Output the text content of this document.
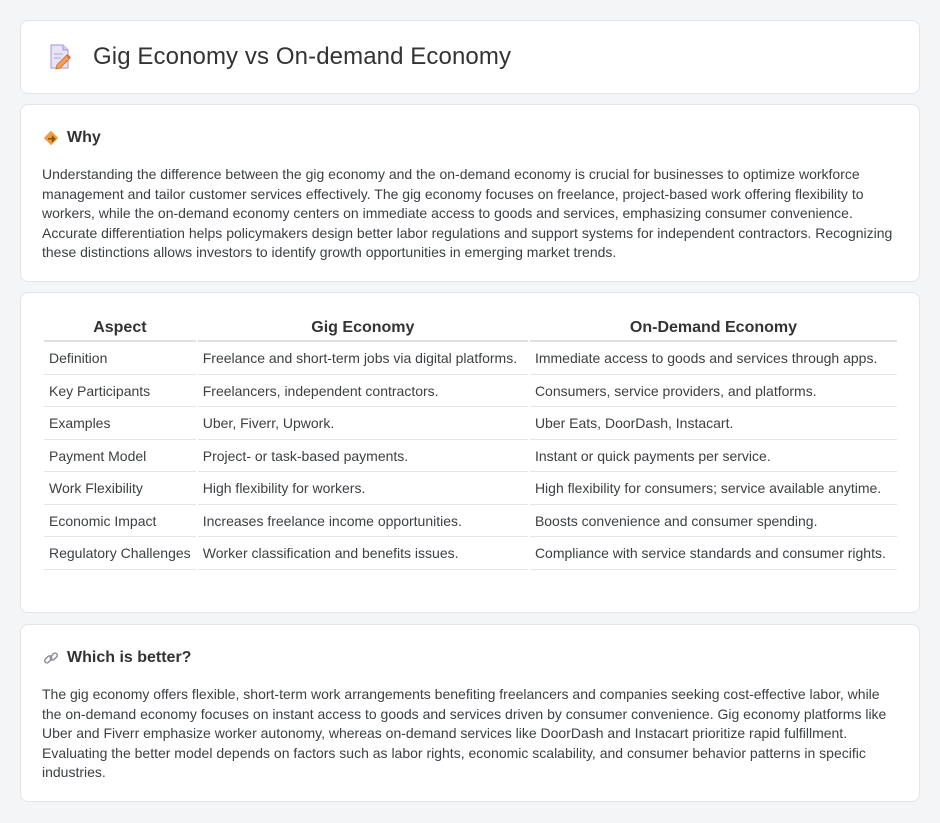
Gig Economy vs On-demand Economy
Why

Understanding the difference between the gig economy and the on-demand economy is crucial for businesses to optimize workforce management and tailor customer services effectively. The gig economy focuses on freelance, project-based work offering flexibility to workers, while the on-demand economy centers on immediate access to goods and services, emphasizing consumer convenience. Accurate differentiation helps policymakers design better labor regulations and support systems for independent contractors. Recognizing these distinctions allows investors to identify growth opportunities in emerging market trends.

Aspect	Gig Economy	On-Demand Economy
Definition	Freelance and short-term jobs via digital platforms.	Immediate access to goods and services through apps.
Key Participants	Freelancers, independent contractors.	Consumers, service providers, and platforms.
Examples	Uber, Fiverr, Upwork.	Uber Eats, DoorDash, Instacart.
Payment Model	Project- or task-based payments.	Instant or quick payments per service.
Work Flexibility	High flexibility for workers.	High flexibility for consumers; service available anytime.
Economic Impact	Increases freelance income opportunities.	Boosts convenience and consumer spending.
Regulatory Challenges	Worker classification and benefits issues.	Compliance with service standards and consumer rights.
Which is better?

The gig economy offers flexible, short-term work arrangements benefiting freelancers and companies seeking cost-effective labor, while the on-demand economy focuses on instant access to goods and services driven by consumer convenience. Gig economy platforms like Uber and Fiverr emphasize worker autonomy, whereas on-demand services like DoorDash and Instacart prioritize rapid fulfillment. Evaluating the better model depends on factors such as labor rights, economic scalability, and consumer behavior patterns in specific industries.
